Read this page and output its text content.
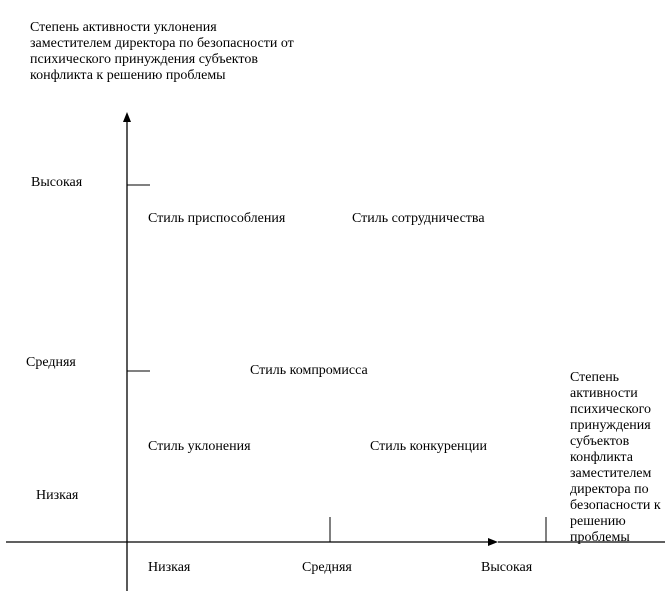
Степень активности уклонения заместителем директора по безопасности от психического принуждения субъектов конфликта к решению проблемы
Высокая
Средняя
Низкая
Низкая	Средняя	Высокая
Степень активности психического принуждения субъектов конфликта заместителем директора по безопасности к решению проблемы
Стиль приспособления	Стиль сотрудничества
Стиль компромисса
Стиль уклонения	Стиль конкуренции
